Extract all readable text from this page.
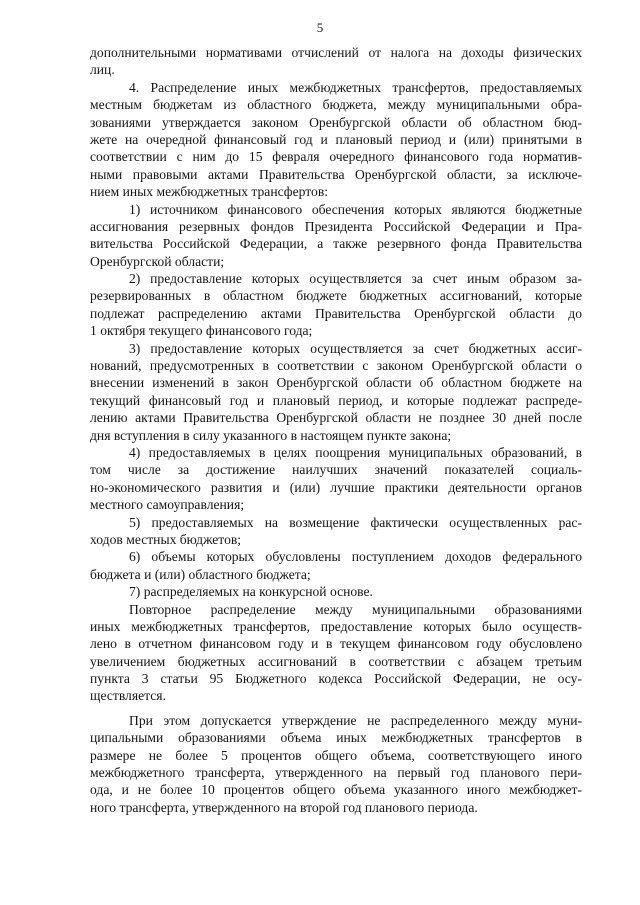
5
дополнительными нормативами отчислений от налога на доходы физических
лиц.
4. Распределение иных межбюджетных трансфертов, предоставляемых
местным бюджетам из областного бюджета, между муниципальными обра-
зованиями утверждается законом Оренбургской области об областном бюд-
жете на очередной финансовый год и плановый период и (или) принятыми в
соответствии с ним до 15 февраля очередного финансового года норматив-
ными правовыми актами Правительства Оренбургской области, за исключе-
нием иных межбюджетных трансфертов:
1) источником финансового обеспечения которых являются бюджетные
ассигнования резервных фондов Президента Российской Федерации и Пра-
вительства Российской Федерации, а также резервного фонда Правительства
Оренбургской области;
2) предоставление которых осуществляется за счет иным образом за-
резервированных в областном бюджете бюджетных ассигнований, которые
подлежат распределению актами Правительства Оренбургской области до
1 октября текущего финансового года;
3) предоставление которых осуществляется за счет бюджетных ассиг-
нований, предусмотренных в соответствии с законом Оренбургской области о
внесении изменений в закон Оренбургской области об областном бюджете на
текущий финансовый год и плановый период, и которые подлежат распреде-
лению актами Правительства Оренбургской области не позднее 30 дней после
дня вступления в силу указанного в настоящем пункте закона;
4) предоставляемых в целях поощрения муниципальных образований, в
том числе за достижение наилучших значений показателей социаль-
но-экономического развития и (или) лучшие практики деятельности органов
местного самоуправления;
5) предоставляемых на возмещение фактически осуществленных рас-
ходов местных бюджетов;
6) объемы которых обусловлены поступлением доходов федерального
бюджета и (или) областного бюджета;
7) распределяемых на конкурсной основе.
Повторное распределение между муниципальными образованиями
иных межбюджетных трансфертов, предоставление которых было осуществ-
лено в отчетном финансовом году и в текущем финансовом году обусловлено
увеличением бюджетных ассигнований в соответствии с абзацем третьим
пункта 3 статьи 95 Бюджетного кодекса Российской Федерации, не осу-
ществляется.
При этом допускается утверждение не распределенного между муни-
ципальными образованиями объема иных межбюджетных трансфертов в
размере не более 5 процентов общего объема, соответствующего иного
межбюджетного трансферта, утвержденного на первый год планового пери-
ода, и не более 10 процентов общего объема указанного иного межбюджет-
ного трансферта, утвержденного на второй год планового периода.
